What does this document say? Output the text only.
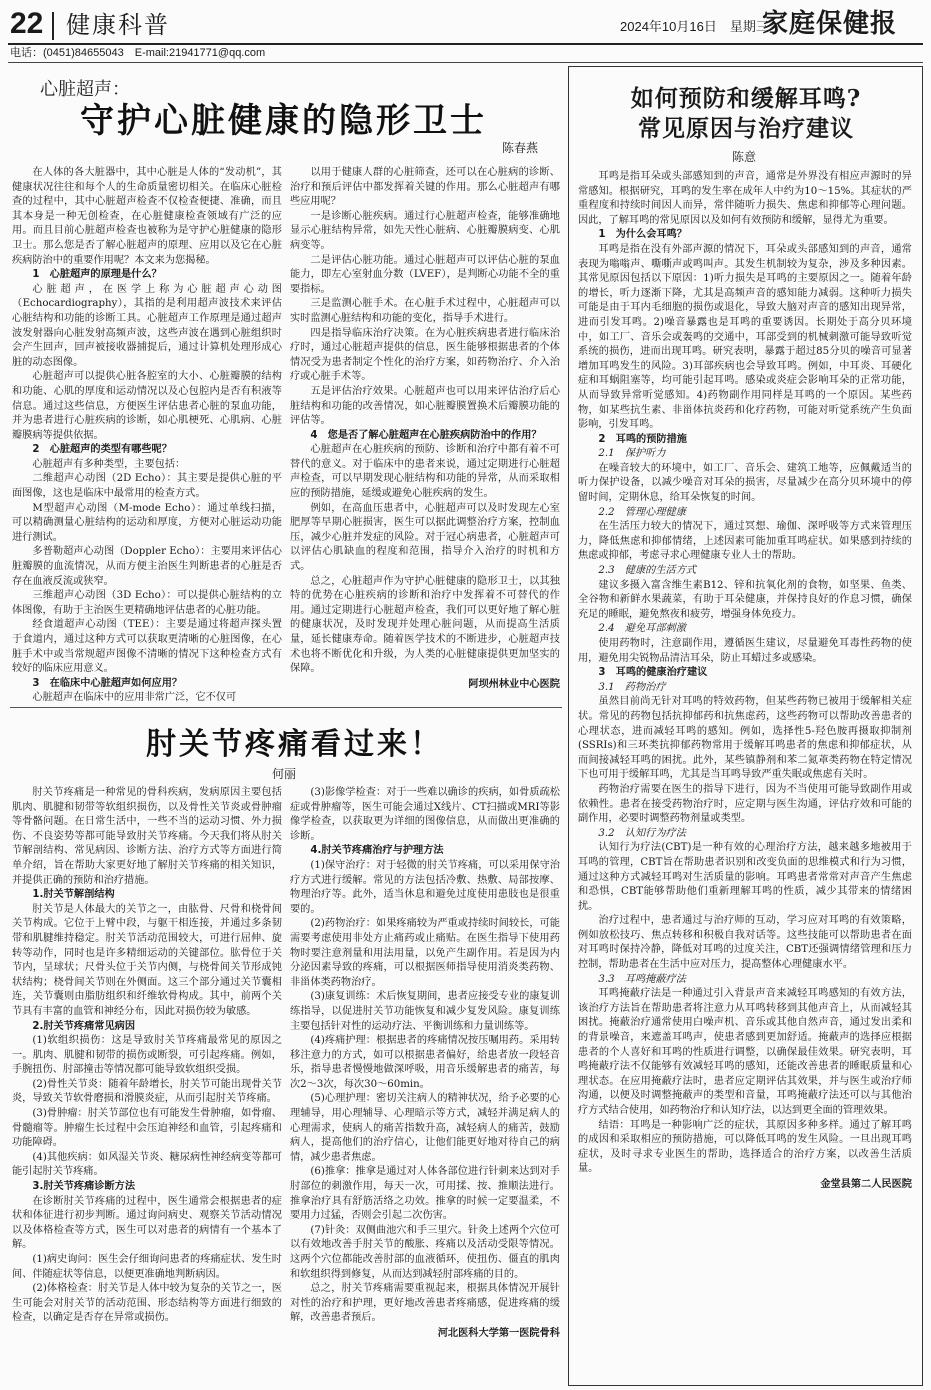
22 健康科普	2024年10月16日　星期三
家庭保健报
电话：(0451)84655043　E-mail:21941771@qq.com
心脏超声：
守护心脏健康的隐形卫士
陈春燕

在人体的各大脏器中，其中心脏是人体的“发动机”，其健康状况往往和每个人的生命质量密切相关。在临床心脏检查的过程中，其中心脏超声检查不仅检查便捷、准确，而且其本身是一种无创检查，在心脏健康检查领域有广泛的应用。而且目前心脏超声检查也被称为是守护心脏健康的隐形卫士。那么您是否了解心脏超声的原理、应用以及它在心脏疾病防治中的重要作用呢？本文来为您揭秘。

1　心脏超声的原理是什么？

心脏超声，在医学上称为心脏超声心动图（Echocardiography），其指的是利用超声波技术来评估心脏结构和功能的诊断工具。心脏超声工作原理是通过超声波发射器向心脏发射高频声波，这些声波在遇到心脏组织时会产生回声，回声被接收器捕捉后，通过计算机处理形成心脏的动态图像。

心脏超声可以提供心脏各腔室的大小、心脏瓣膜的结构和功能、心肌的厚度和运动情况以及心包腔内是否有积液等信息。通过这些信息，方便医生评估患者心脏的泵血功能，并为患者进行心脏疾病的诊断，如心肌梗死、心肌病、心脏瓣膜病等提供依据。

2　心脏超声的类型有哪些呢？

心脏超声有多种类型，主要包括：

二维超声心动图（2D Echo）：其主要是提供心脏的平面图像，这也是临床中最常用的检查方式。

M型超声心动图（M-mode Echo）：通过单线扫描，可以精确测量心脏结构的运动和厚度，方便对心脏运动功能进行测试。

多普勒超声心动图（Doppler Echo）：主要用来评估心脏瓣膜的血流情况，从而方便主治医生判断患者的心脏是否存在血液反流或狭窄。

三维超声心动图（3D Echo）：可以提供心脏结构的立体图像，有助于主治医生更精确地评估患者的心脏功能。

经食道超声心动图（TEE）：主要是通过将超声探头置于食道内，通过这种方式可以获取更清晰的心脏图像，在心脏手术中或当常规超声图像不清晰的情况下这种检查方式有较好的临床应用意义。

3　在临床中心脏超声如何应用？

心脏超声在临床中的应用非常广泛，它不仅可

以用于健康人群的心脏筛查，还可以在心脏病的诊断、治疗和预后评估中都发挥着关键的作用。那么心脏超声有哪些应用呢？

一是诊断心脏疾病。通过行心脏超声检查，能够准确地显示心脏结构异常，如先天性心脏病、心脏瓣膜病变、心肌病变等。

二是评估心脏功能。通过心脏超声可以评估心脏的泵血能力，即左心室射血分数（LVEF），是判断心功能不全的重要指标。

三是监测心脏手术。在心脏手术过程中，心脏超声可以实时监测心脏结构和功能的变化，指导手术进行。

四是指导临床治疗决策。在为心脏疾病患者进行临床治疗时，通过心脏超声提供的信息，医生能够根据患者的个体情况受为患者制定个性化的治疗方案，如药物治疗、介入治疗或心脏手术等。

五是评估治疗效果。心脏超声也可以用来评估治疗后心脏结构和功能的改善情况，如心脏瓣膜置换术后瓣膜功能的评估等。

4　您是否了解心脏超声在心脏疾病防治中的作用？

心脏超声在心脏疾病的预防、诊断和治疗中都有着不可替代的意义。对于临床中的患者来说，通过定期进行心脏超声检查，可以早期发现心脏结构和功能的异常，从而采取相应的预防措施，延缓或避免心脏疾病的发生。

例如，在高血压患者中，心脏超声可以及时发现左心室肥厚等早期心脏损害，医生可以据此调整治疗方案，控制血压，减少心脏并发症的风险。对于冠心病患者，心脏超声可以评估心肌缺血的程度和范围，指导介入治疗的时机和方式。

总之，心脏超声作为守护心脏健康的隐形卫士，以其独特的优势在心脏疾病的诊断和治疗中发挥着不可替代的作用。通过定期进行心脏超声检查，我们可以更好地了解心脏的健康状况，及时发现并处理心脏问题，从而提高生活质量，延长健康寿命。随着医学技术的不断进步，心脏超声技术也将不断优化和升级，为人类的心脏健康提供更加坚实的保障。

阿坝州林业中心医院

肘关节疼痛看过来！
何丽

肘关节疼痛是一种常见的骨科疾病，发病原因主要包括肌肉、肌腱和韧带等软组织损伤，以及骨性关节炎或骨肿瘤等骨骼问题。在日常生活中，一些不当的运动习惯、外力损伤、不良姿势等都可能导致肘关节疼痛。今天我们将从肘关节解剖结构、常见病因、诊断方法、治疗方式等方面进行简单介绍，旨在帮助大家更好地了解肘关节疼痛的相关知识，并提供正确的预防和治疗措施。

1.肘关节解剖结构

肘关节是人体最大的关节之一，由肱骨、尺骨和桡骨间关节构成。它位于上臂中段，与躯干相连接，并通过多条韧带和肌腱维持稳定。肘关节活动范围较大，可进行屈伸、旋转等动作，同时也是许多精细运动的关键部位。肱骨位于关节内，呈球状；尺骨头位于关节内侧，与桡骨间关节形成钝状结构；桡骨间关节则在外侧面。这三个部分通过关节囊相连，关节囊则由脂肪组织和纤维软骨构成。其中，前两个关节具有丰富的血管和神经分布，因此对损伤较为敏感。

2.肘关节疼痛常见病因

(1)软组织损伤：这是导致肘关节疼痛最常见的原因之一。肌肉、肌腱和韧带的损伤或断裂，可引起疼痛。例如，手腕扭伤、肘部撞击等情况都可能导致软组织受损。

(2)骨性关节炎：随着年龄增长，肘关节可能出现骨关节炎，导致关节软骨磨损和滑膜炎症，从而引起肘关节疼痛。

(3)骨肿瘤：肘关节部位也有可能发生骨肿瘤，如骨瘤、骨髓瘤等。肿瘤生长过程中会压迫神经和血管，引起疼痛和功能障碍。

(4)其他疾病：如风湿关节炎、糖尿病性神经病变等都可能引起肘关节疼痛。

3.肘关节疼痛诊断方法

在诊断肘关节疼痛的过程中，医生通常会根据患者的症状和体征进行初步判断。通过询问病史、观察关节活动情况以及体格检查等方式，医生可以对患者的病情有一个基本了解。

(1)病史询问：医生会仔细询问患者的疼痛症状、发生时间、伴随症状等信息，以便更准确地判断病因。

(2)体格检查：肘关节是人体中较为复杂的关节之一，医生可能会对肘关节的活动范围、形态结构等方面进行细致的检查，以确定是否存在异常或损伤。

(3)影像学检查：对于一些难以确诊的疾病，如骨质疏松症或骨肿瘤等，医生可能会通过X线片、CT扫描或MRI等影像学检查，以获取更为详细的图像信息，从而做出更准确的诊断。

4.肘关节疼痛治疗与护理方法

(1)保守治疗：对于轻微的肘关节疼痛，可以采用保守治疗方式进行缓解。常见的方法包括冷敷、热敷、局部按摩、物理治疗等。此外，适当休息和避免过度使用患肢也是很重要的。

(2)药物治疗：如果疼痛较为严重或持续时间较长，可能需要考虑使用非处方止痛药或止痛贴。在医生指导下使用药物时要注意剂量和用法用量，以免产生副作用。若是因为内分泌因素导致的疼痛，可以根据医师指导使用消炎类药物、非甾体类药物治疗。

(3)康复训练：术后恢复期间，患者应接受专业的康复训练指导，以促进肘关节功能恢复和减少复发风险。康复训练主要包括针对性的运动疗法、平衡训练和力量训练等。

(4)疼痛护理：根据患者的疼痛情况按压嘱用药。采用转移注意力的方式，如可以根据患者偏好，给患者放一段轻音乐，指导患者慢慢地做深呼吸，用音乐缓解患者的痛苦，每次2～3次，每次30～60min。

(5)心理护理：密切关注病人的精神状况，给予必要的心理辅导，用心理辅导、心理暗示等方式，减轻并满足病人的心理需求，使病人的痛苦指数升高，减轻病人的痛苦，鼓励病人，提高他们的治疗信心，让他们能更好地对待自己的病情，减少患者焦虑。

(6)推拿：推拿是通过对人体各部位进行针刺来达到对手肘部位的刺激作用，每天一次，可用揉、按、推顺法进行。推拿治疗具有舒筋活络之功效。推拿的时候一定要温柔，不要用力过猛，否则会引起二次伤害。

(7)针灸：双侧曲池穴和手三里穴。针灸上述两个穴位可以有效地改善手肘关节的酸胀、疼痛以及活动受限等情况。这两个穴位都能改善肘部的血液循环，使扭伤、僵直的肌肉和软组织得到修复，从而达到减轻肘部疼痛的目的。

总之，肘关节疼痛需要重视起来，根据具体情况开展针对性的治疗和护理，更好地改善患者疼痛感，促进疼痛的缓解，改善患者预后。

河北医科大学第一医院骨科

如何预防和缓解耳鸣?
常见原因与治疗建议
陈意

耳鸣是指耳朵或头部感知到的声音，通常是外界没有相应声源时的异常感知。根据研究，耳鸣的发生率在成年人中约为10～15%。其症状的严重程度和持续时间因人而异，常伴随听力损失、焦虑和抑郁等心理问题。因此，了解耳鸣的常见原因以及如何有效预防和缓解，显得尤为重要。

1　为什么会耳鸣？

耳鸣是指在没有外部声源的情况下，耳朵或头部感知到的声音，通常表现为嗡嗡声、嘶嘶声或鸣叫声。其发生机制较为复杂，涉及多种因素。其常见原因包括以下原因：1)听力损失是耳鸣的主要原因之一。随着年龄的增长，听力逐渐下降，尤其是高频声音的感知能力减弱。这种听力损失可能是由于耳内毛细胞的损伤或退化，导致大脑对声音的感知出现异常，进而引发耳鸣。2)噪音暴露也是耳鸣的重要诱因。长期处于高分贝环境中，如工厂、音乐会或轰鸣的交通中，耳部受到的机械刺激可能导致听觉系统的损伤，进而出现耳鸣。研究表明，暴露于超过85分贝的噪音可显著增加耳鸣发生的风险。3)耳部疾病也会导致耳鸣。例如，中耳炎、耳硬化症和耳蜗阻塞等，均可能引起耳鸣。感染或炎症会影响耳朵的正常功能，从而导致异常听觉感知。4)药物副作用同样是耳鸣的一个原因。某些药物，如某些抗生素、非甾体抗炎药和化疗药物，可能对听觉系统产生负面影响，引发耳鸣。

2　耳鸣的预防措施
2.1　保护听力

在噪音较大的环境中，如工厂、音乐会、建筑工地等，应佩戴适当的听力保护设备，以减少噪音对耳朵的损害，尽量减少在高分贝环境中的停留时间，定期休息，给耳朵恢复的时间。

2.2　管理心理健康

在生活压力较大的情况下，通过冥想、瑜伽、深呼吸等方式来管理压力，降低焦虑和抑郁情绪，上述因素可能加重耳鸣症状。如果感到持续的焦虑或抑郁，考虑寻求心理健康专业人士的帮助。

2.3　健康的生活方式

建议多摄入富含维生素B12、锌和抗氧化剂的食物，如坚果、鱼类、全谷物和新鲜水果蔬菜，有助于耳朵健康，并保持良好的作息习惯，确保充足的睡眠，避免熬夜和疲劳，增强身体免疫力。

2.4　避免耳部刺激

使用药物时，注意副作用，遵循医生建议，尽量避免耳毒性药物的使用，避免用尖锐物品清洁耳朵，防止耳蜡过多或感染。

3　耳鸣的健康治疗建议
3.1　药物治疗

虽然目前尚无针对耳鸣的特效药物，但某些药物已被用于缓解相关症状。常见的药物包括抗抑郁药和抗焦虑药，这些药物可以帮助改善患者的心理状态，进而减轻耳鸣的感知。例如，选择性5-羟色胺再摄取抑制剂(SSRIs)和三环类抗抑郁药物常用于缓解耳鸣患者的焦虑和抑郁症状，从而间接减轻耳鸣的困扰。此外，某些镇静剂和苯二氮䓬类药物在特定情况下也可用于缓解耳鸣，尤其是当耳鸣导致严重失眠或焦虑有关时。

药物治疗需要在医生的指导下进行，因为不当使用可能导致副作用或依赖性。患者在接受药物治疗时，应定期与医生沟通，评估疗效和可能的副作用，必要时调整药物剂量或类型。

3.2　认知行为疗法

认知行为疗法(CBT)是一种有效的心理治疗方法，越来越多地被用于耳鸣的管理，CBT旨在帮助患者识别和改变负面的思维模式和行为习惯，通过这种方式减轻耳鸣对生活质量的影响。耳鸣患者常常对声音产生焦虑和恐惧，CBT能够帮助他们重新理解耳鸣的性质，减少其带来的情绪困扰。

治疗过程中，患者通过与治疗师的互动，学习应对耳鸣的有效策略，例如放松技巧、焦点转移和积极自我对话等。这些技能可以帮助患者在面对耳鸣时保持冷静，降低对耳鸣的过度关注，CBT还强调情绪管理和压力控制，帮助患者在生活中应对压力，提高整体心理健康水平。

3.3　耳鸣掩蔽疗法

耳鸣掩蔽疗法是一种通过引入背景声音来减轻耳鸣感知的有效方法，该治疗方法旨在帮助患者将注意力从耳鸣转移到其他声音上，从而减轻其困扰。掩蔽治疗通常使用白噪声机、音乐或其他自然声音，通过发出柔和的背景噪音，来遮盖耳鸣声，使患者感到更加舒适。掩蔽声的选择应根据患者的个人喜好和耳鸣的性质进行调整，以确保最佳效果。研究表明，耳鸣掩蔽疗法不仅能够有效减轻耳鸣的感知，还能改善患者的睡眠质量和心理状态。在应用掩蔽疗法时，患者应定期评估其效果，并与医生或治疗师沟通，以便及时调整掩蔽声的类型和音量，耳鸣掩蔽疗法还可以与其他治疗方式结合使用，如药物治疗和认知疗法，以达到更全面的管理效果。

结语：耳鸣是一种影响广泛的症状，其原因多种多样。通过了解耳鸣的成因和采取相应的预防措施，可以降低耳鸣的发生风险。一旦出现耳鸣症状，及时寻求专业医生的帮助，选择适合的治疗方案，以改善生活质量。

金堂县第二人民医院
